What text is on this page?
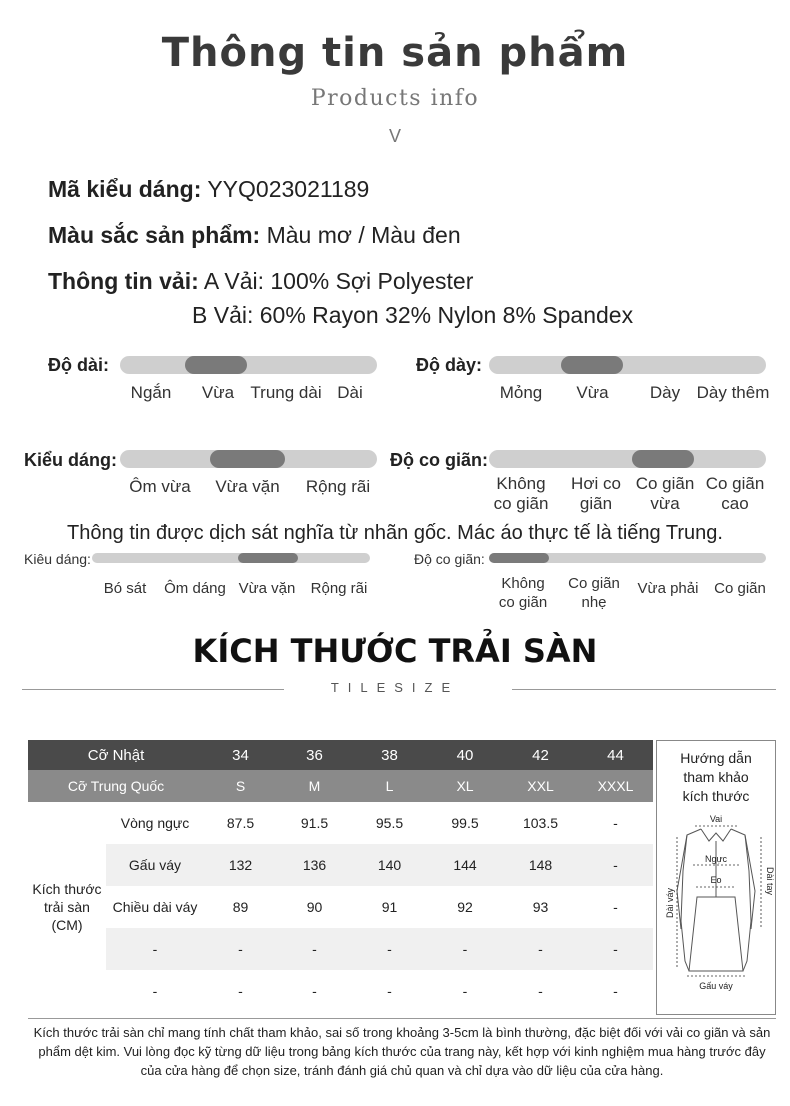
Thông tin sản phẩm
Products info
V
Mã kiểu dáng: YYQ023021189
Màu sắc sản phẩm: Màu mơ / Màu đen
Thông tin vải: A Vải: 100% Sợi Polyester
B Vải: 60% Rayon 32% Nylon 8% Spandex
Độ dài:
Ngắn	Vừa Trung dài Dài
Độ dày:
Mỏng	Vừa	Dày Dày thêm
Kiểu dáng:
Ôm vừa	Vừa vặn	Rộng rãi
Độ co giãn:
Không
co giãn
Hơi co
giãn
Co giãn
vừa
Co giãn
cao
Thông tin được dịch sát nghĩa từ nhãn gốc. Mác áo thực tế là tiếng Trung.
Kiêu dáng:
Bó sát	Ôm dáng Vừa vặn	Rộng rãi
Độ co giãn:
Không
co giãn
Co giãn
nhẹ
Vừa phải	Co giãn
KÍCH THƯỚC TRẢI SÀN
TILESIZE
Cỡ Nhật		34	36	38	40	42	44
Cỡ Trung Quốc		S	M	L	XL	XXL	XXXL
Kích thước
trải sàn
(CM)	Vòng ngực	87.5	91.5	95.5	99.5	103.5	-
	Gấu váy	132	136	140	144	148	-
	Chiều dài váy	89	90	91	92	93	-
	-	-	-	-	-	-	-
	-	-	-	-	-	-	-
Hướng dẫn
tham khảo
kích thước
Vai
Ngực
Eo
Dài váy
Dài tay
Gấu váy
Kích thước trải sàn chỉ mang tính chất tham khảo, sai số trong khoảng 3-5cm là bình thường, đặc biệt đối với vải co giãn và sản phẩm dệt kim. Vui lòng đọc kỹ từng dữ liệu trong bảng kích thước của trang này, kết hợp với kinh nghiệm mua hàng trước đây của cửa hàng để chọn size, tránh đánh giá chủ quan và chỉ dựa vào dữ liệu của cửa hàng.
